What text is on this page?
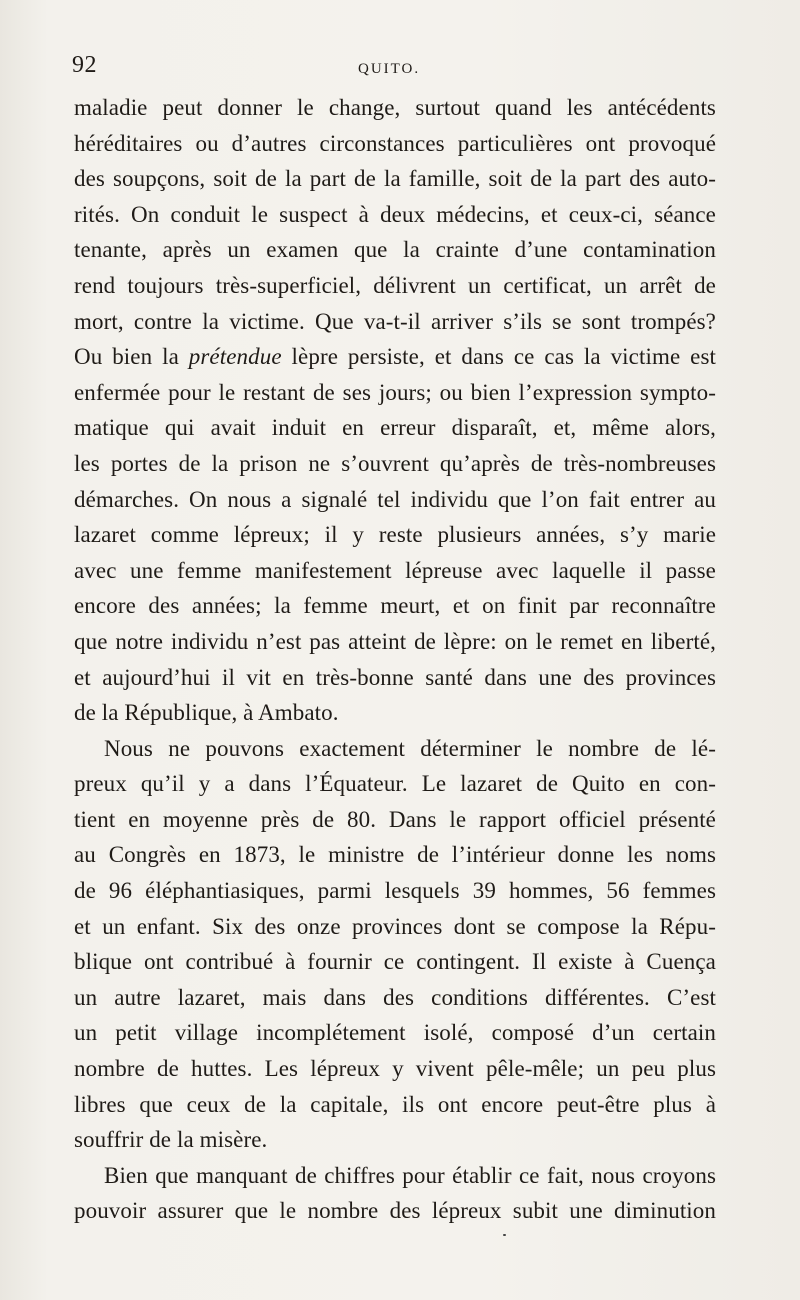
92	QUITO.

maladie peut donner le change, surtout quand les antécédents
héréditaires ou d’autres circonstances particulières ont provoqué
des soupçons, soit de la part de la famille, soit de la part des auto-
rités. On conduit le suspect à deux médecins, et ceux-ci, séance
tenante, après un examen que la crainte d’une contamination
rend toujours très-superficiel, délivrent un certificat, un arrêt de
mort, contre la victime. Que va-t-il arriver s’ils se sont trompés?
Ou bien la prétendue lèpre persiste, et dans ce cas la victime est
enfermée pour le restant de ses jours; ou bien l’expression sympto-
matique qui avait induit en erreur disparaît, et, même alors,
les portes de la prison ne s’ouvrent qu’après de très-nombreuses
démarches. On nous a signalé tel individu que l’on fait entrer au
lazaret comme lépreux; il y reste plusieurs années, s’y marie
avec une femme manifestement lépreuse avec laquelle il passe
encore des années; la femme meurt, et on finit par reconnaître
que notre individu n’est pas atteint de lèpre: on le remet en liberté,
et aujourd’hui il vit en très-bonne santé dans une des provinces
de la République, à Ambato.

Nous ne pouvons exactement déterminer le nombre de lé-
preux qu’il y a dans l’Équateur. Le lazaret de Quito en con-
tient en moyenne près de 80. Dans le rapport officiel présenté
au Congrès en 1873, le ministre de l’intérieur donne les noms
de 96 éléphantiasiques, parmi lesquels 39 hommes, 56 femmes
et un enfant. Six des onze provinces dont se compose la Répu-
blique ont contribué à fournir ce contingent. Il existe à Cuença
un autre lazaret, mais dans des conditions différentes. C’est
un petit village incomplétement isolé, composé d’un certain
nombre de huttes. Les lépreux y vivent pêle-mêle; un peu plus
libres que ceux de la capitale, ils ont encore peut-être plus à
souffrir de la misère.

Bien que manquant de chiffres pour établir ce fait, nous croyons
pouvoir assurer que le nombre des lépreux subit une diminution
